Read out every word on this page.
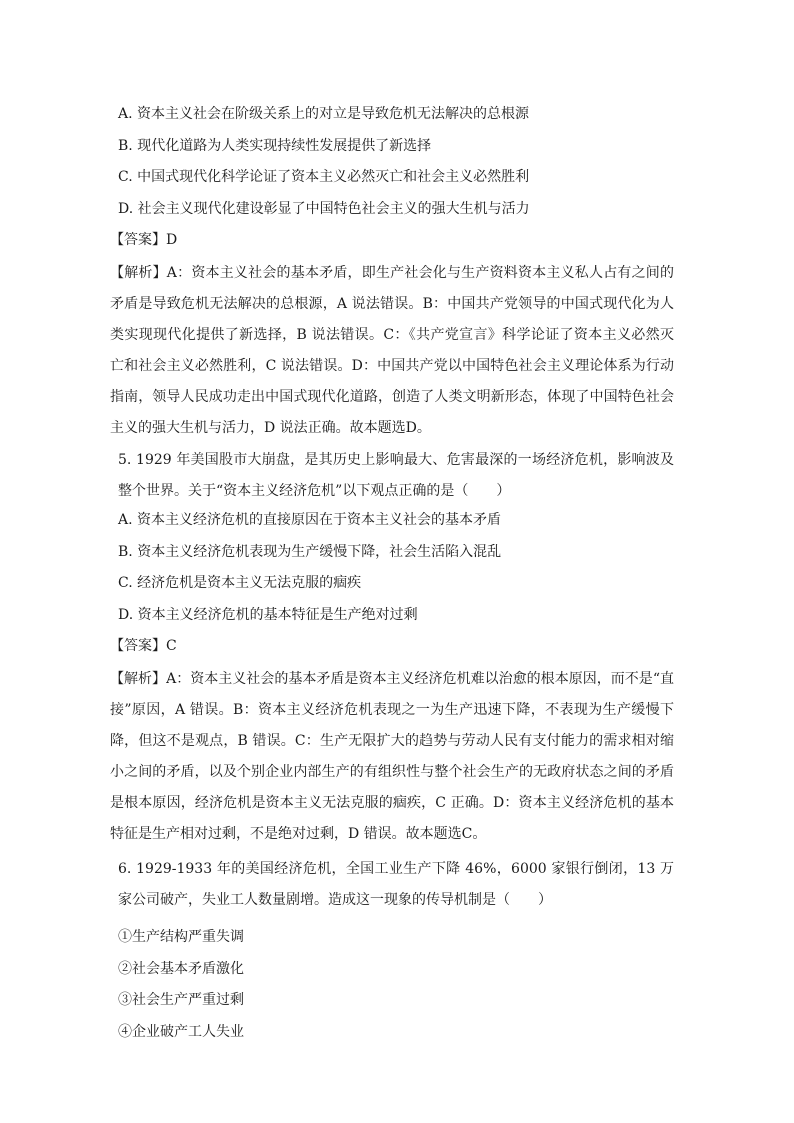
A. 资本主义社会在阶级关系上的对立是导致危机无法解决的总根源
B. 现代化道路为人类实现持续性发展提供了新选择
C. 中国式现代化科学论证了资本主义必然灭亡和社会主义必然胜利
D. 社会主义现代化建设彰显了中国特色社会主义的强大生机与活力
【答案】D
【解析】A：资本主义社会的基本矛盾，即生产社会化与生产资料资本主义私人占有之间的矛盾是导致危机无法解决的总根源，A 说法错误。B：中国共产党领导的中国式现代化为人类实现现代化提供了新选择，B 说法错误。C：《共产党宣言》科学论证了资本主义必然灭亡和社会主义必然胜利，C 说法错误。D：中国共产党以中国特色社会主义理论体系为行动指南，领导人民成功走出中国式现代化道路，创造了人类文明新形态，体现了中国特色社会主义的强大生机与活力，D 说法正确。故本题选D。
5. 1929 年美国股市大崩盘，是其历史上影响最大、危害最深的一场经济危机，影响波及整个世界。关于“资本主义经济危机”以下观点正确的是（　　）
A. 资本主义经济危机的直接原因在于资本主义社会的基本矛盾
B. 资本主义经济危机表现为生产缓慢下降，社会生活陷入混乱
C. 经济危机是资本主义无法克服的痼疾
D. 资本主义经济危机的基本特征是生产绝对过剩
【答案】C
【解析】A：资本主义社会的基本矛盾是资本主义经济危机难以治愈的根本原因，而不是“直接”原因，A 错误。B：资本主义经济危机表现之一为生产迅速下降，不表现为生产缓慢下降，但这不是观点，B 错误。C：生产无限扩大的趋势与劳动人民有支付能力的需求相对缩小之间的矛盾，以及个别企业内部生产的有组织性与整个社会生产的无政府状态之间的矛盾是根本原因，经济危机是资本主义无法克服的痼疾，C 正确。D：资本主义经济危机的基本特征是生产相对过剩，不是绝对过剩，D 错误。故本题选C。
6. 1929-1933 年的美国经济危机，全国工业生产下降 46%，6000 家银行倒闭，13 万家公司破产，失业工人数量剧增。造成这一现象的传导机制是（　　）
①生产结构严重失调
②社会基本矛盾激化
③社会生产严重过剩
④企业破产工人失业
